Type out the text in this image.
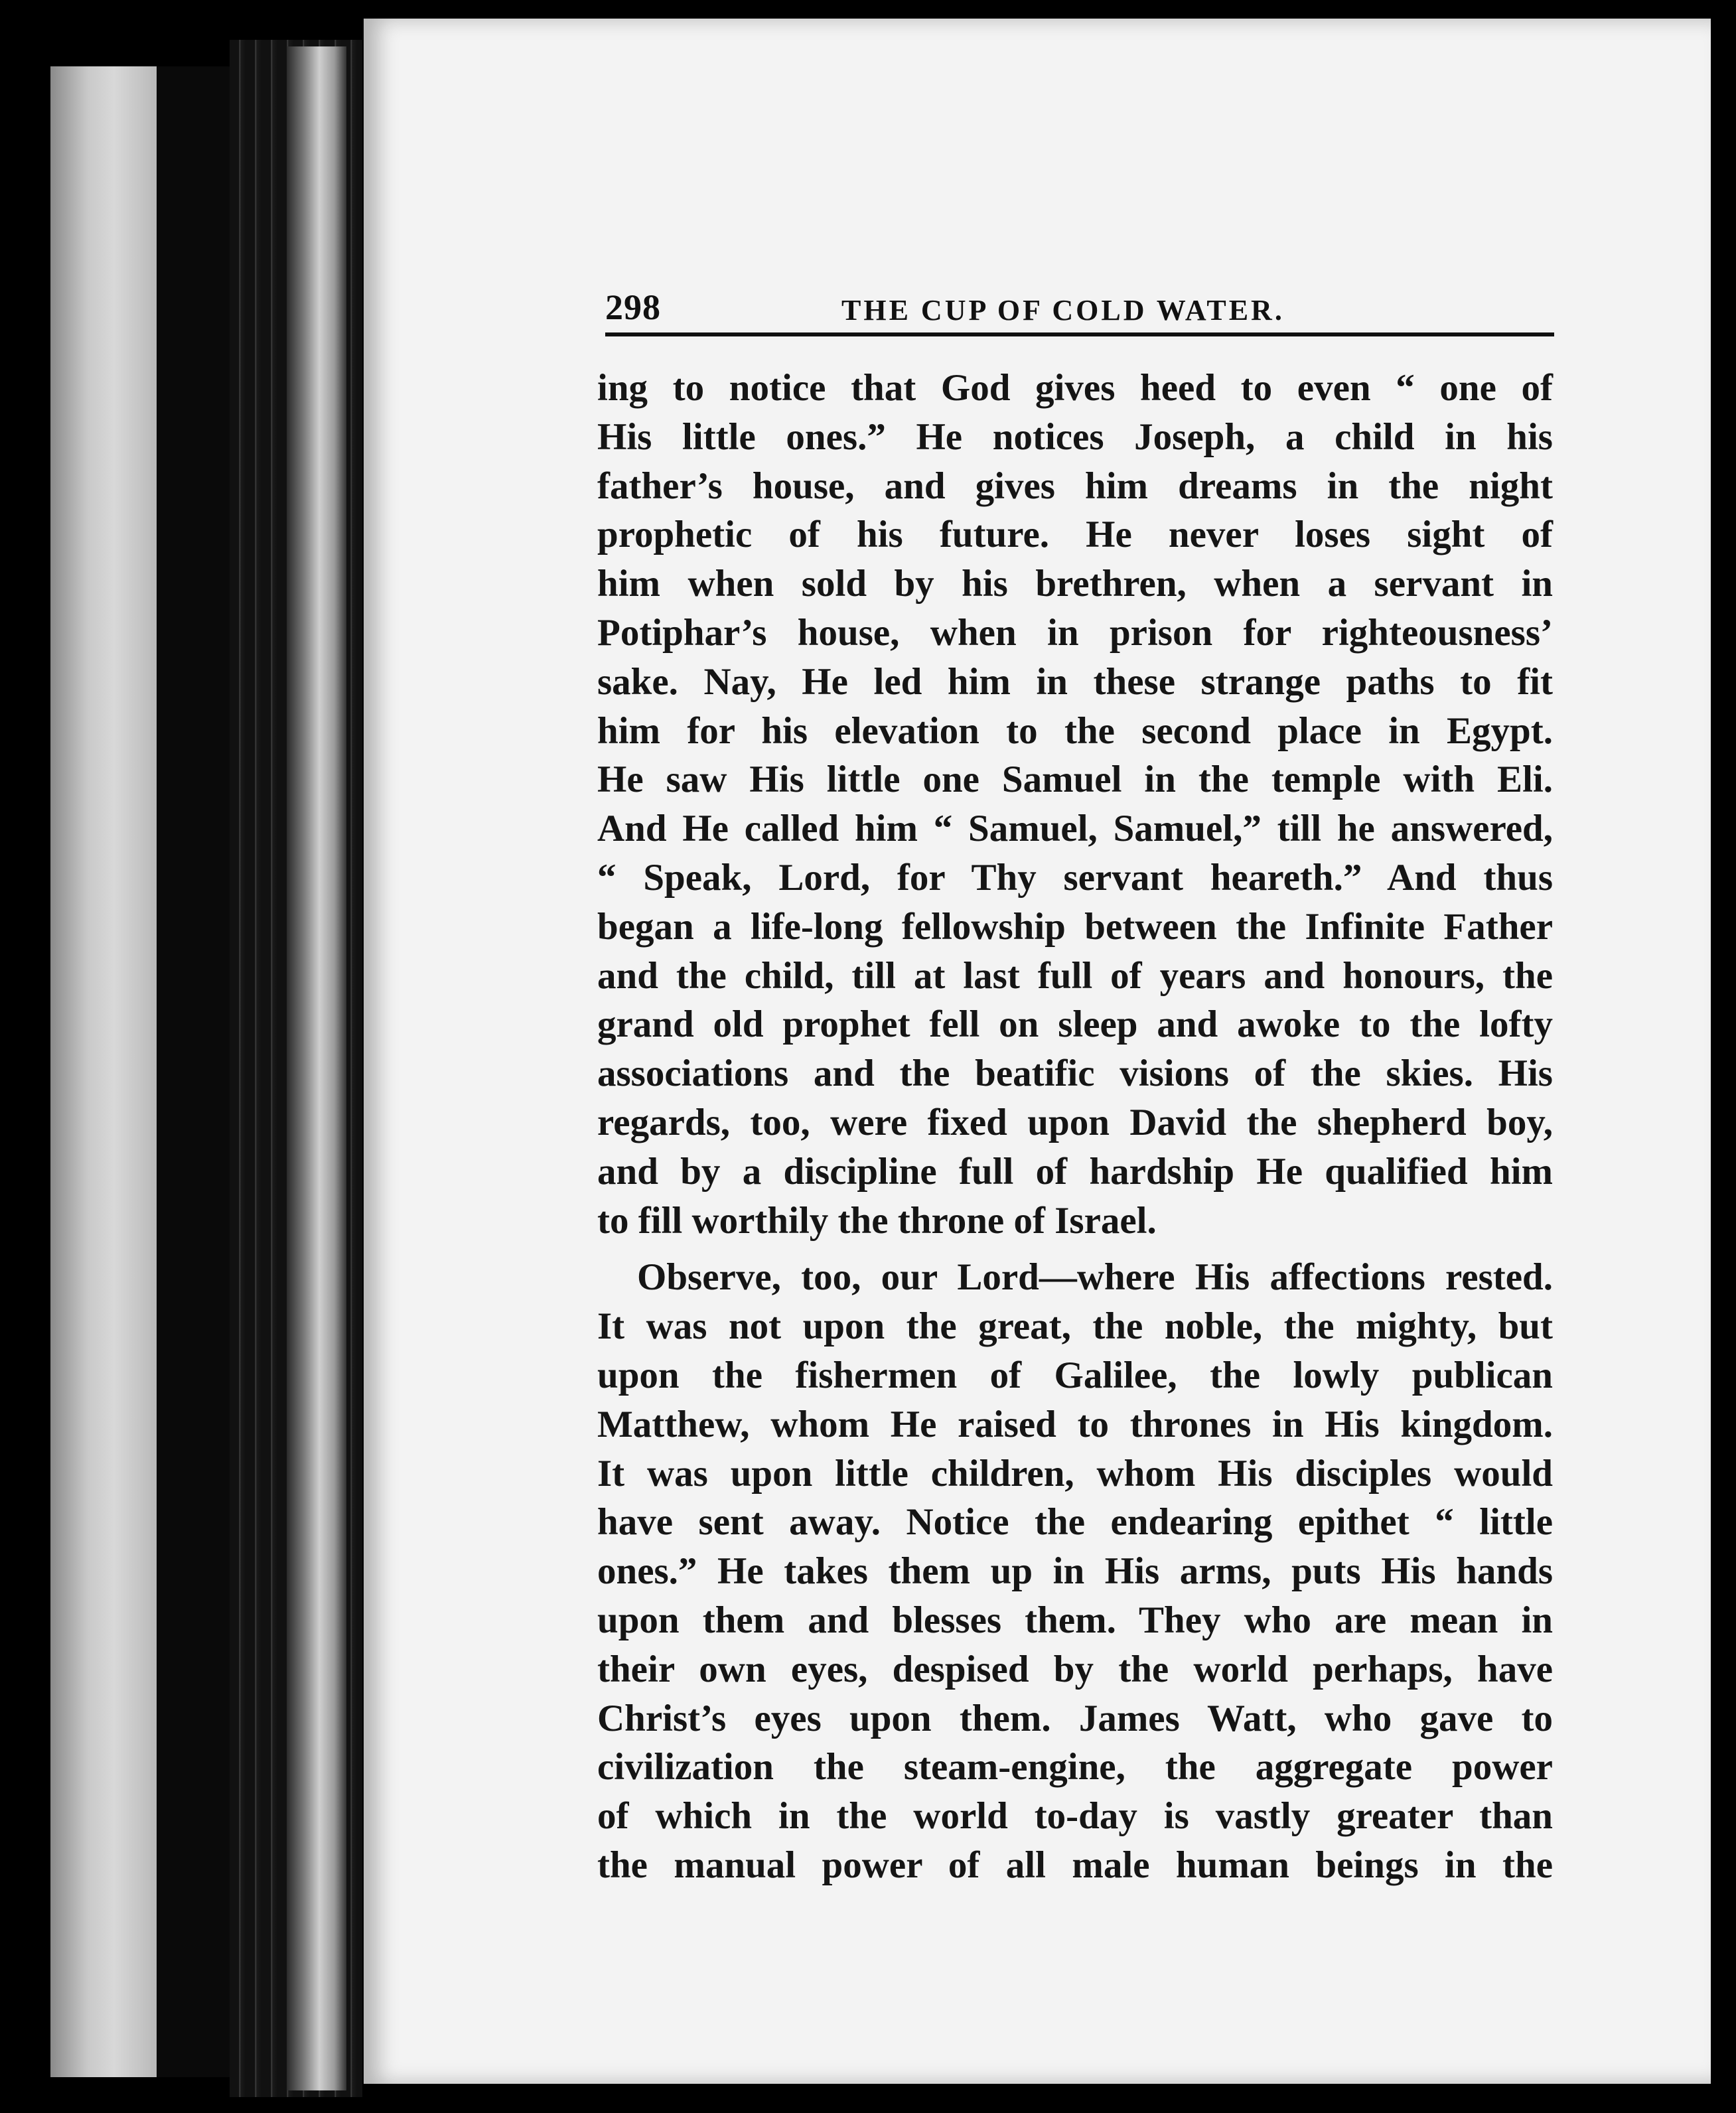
298	THE CUP OF COLD WATER.
ing to notice that God gives heed to even “ one of
His little ones.” He notices Joseph, a child in his
father’s house, and gives him dreams in the night
prophetic of his future. He never loses sight of
him when sold by his brethren, when a servant in
Potiphar’s house, when in prison for righteousness’
sake. Nay, He led him in these strange paths to fit
him for his elevation to the second place in Egypt.
He saw His little one Samuel in the temple with Eli.
And He called him “ Samuel, Samuel,” till he answered,
“ Speak, Lord, for Thy servant heareth.” And thus
began a life-long fellowship between the Infinite Father
and the child, till at last full of years and honours, the
grand old prophet fell on sleep and awoke to the lofty
associations and the beatific visions of the skies. His
regards, too, were fixed upon David the shepherd boy,
and by a discipline full of hardship He qualified him
to fill worthily the throne of Israel.
Observe, too, our Lord—where His affections rested.
It was not upon the great, the noble, the mighty, but
upon the fishermen of Galilee, the lowly publican
Matthew, whom He raised to thrones in His kingdom.
It was upon little children, whom His disciples would
have sent away. Notice the endearing epithet “ little
ones.” He takes them up in His arms, puts His hands
upon them and blesses them. They who are mean in
their own eyes, despised by the world perhaps, have
Christ’s eyes upon them. James Watt, who gave to
civilization the steam-engine, the aggregate power
of which in the world to-day is vastly greater than
the manual power of all male human beings in the
